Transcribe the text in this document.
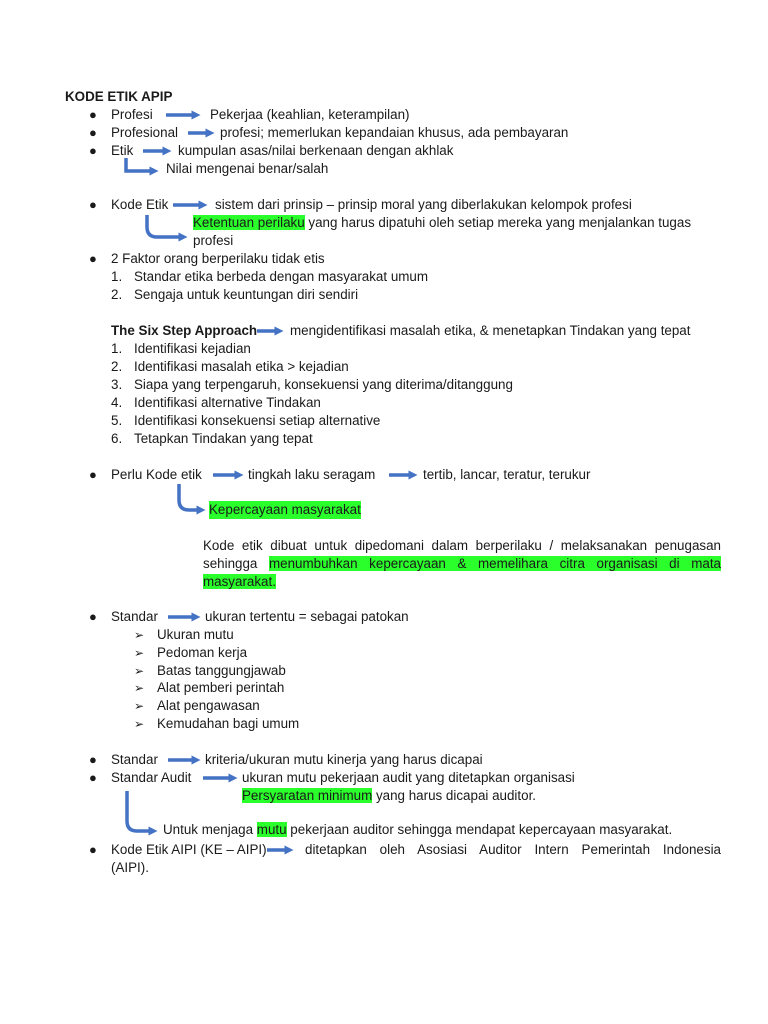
KODE ETIK APIP
● Profesi	Pekerjaa (keahlian, keterampilan)
● Profesional	profesi; memerlukan kepandaian khusus, ada pembayaran
● Etik	kumpulan asas/nilai berkenaan dengan akhlak
Nilai mengenai benar/salah
● Kode Etik	sistem dari prinsip – prinsip moral yang diberlakukan kelompok profesi
Ketentuan perilaku yang harus dipatuhi oleh setiap mereka yang menjalankan tugas
profesi
● 2 Faktor orang berperilaku tidak etis
1. Standar etika berbeda dengan masyarakat umum
2. Sengaja untuk keuntungan diri sendiri
The Six Step Approach mengidentifikasi masalah etika, & menetapkan Tindakan yang tepat
1. Identifikasi kejadian
2. Identifikasi masalah etika > kejadian
3. Siapa yang terpengaruh, konsekuensi yang diterima/ditanggung
4. Identifikasi alternative Tindakan
5. Identifikasi konsekuensi setiap alternative
6. Tetapkan Tindakan yang tepat
● Perlu Kode etik	tingkah laku seragam	tertib, lancar, teratur, terukur
Kepercayaan masyarakat
Kode etik dibuat untuk dipedomani dalam berperilaku / melaksanakan penugasan
sehingga menumbuhkan kepercayaan & memelihara citra organisasi di mata
masyarakat.
● Standar	ukuran tertentu = sebagai patokan
➢ Ukuran mutu
➢ Pedoman kerja
➢ Batas tanggungjawab
➢ Alat pemberi perintah
➢ Alat pengawasan
➢ Kemudahan bagi umum
● Standar	kriteria/ukuran mutu kinerja yang harus dicapai
● Standar Audit	ukuran mutu pekerjaan audit yang ditetapkan organisasi
Persyaratan minimum yang harus dicapai auditor.
Untuk menjaga mutu pekerjaan auditor sehingga mendapat kepercayaan masyarakat.
● Kode Etik AIPI (KE – AIPI)	ditetapkan oleh Asosiasi Auditor Intern Pemerintah Indonesia
(AIPI).
